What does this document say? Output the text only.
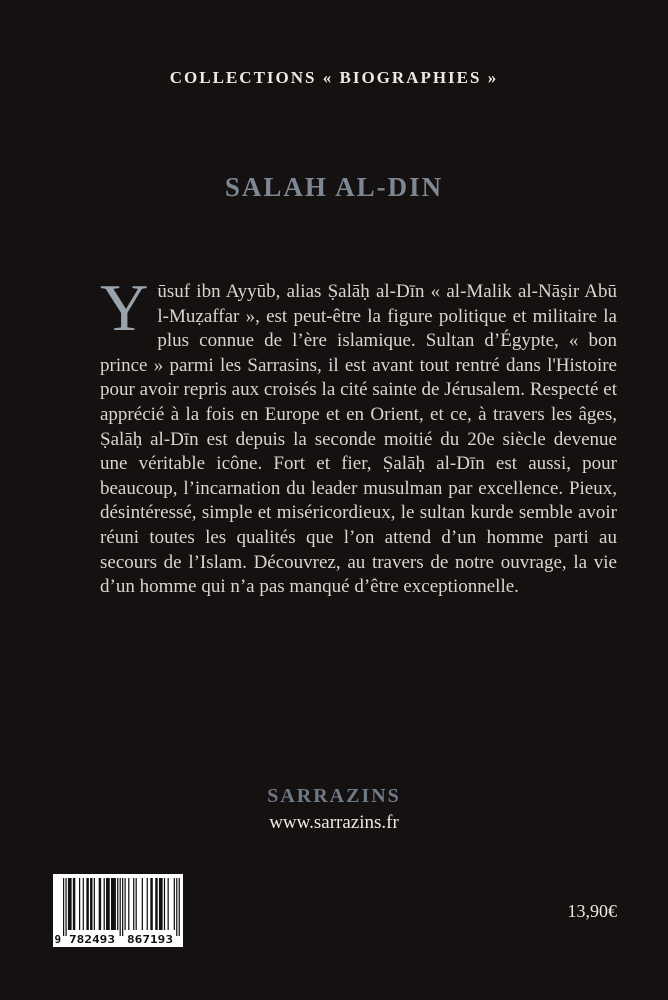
COLLECTIONS « BIOGRAPHIES »
SALAH AL-DIN

Yūsuf ibn Ayyūb, alias Ṣalāḥ al-Dīn « al-Malik al-Nāṣir Abū l-Muẓaffar », est peut-être la figure politique et militaire la plus connue de l’ère islamique. Sultan d’Égypte, « bon prince » parmi les Sarrasins, il est avant tout rentré dans l'Histoire pour avoir repris aux croisés la cité sainte de Jérusalem. Respecté et apprécié à la fois en Europe et en Orient, et ce, à travers les âges, Ṣalāḥ al-Dīn est depuis la seconde moitié du 20e siècle devenue une véritable icône. Fort et fier, Ṣalāḥ al-Dīn est aussi, pour beaucoup, l’incarnation du leader musulman par excellence. Pieux, désintéressé, simple et miséricordieux, le sultan kurde semble avoir réuni toutes les qualités que l’on attend d’un homme parti au secours de l’Islam. Découvrez, au travers de notre ouvrage, la vie d’un homme qui n’a pas manqué d’être exceptionnelle.

SARRAZINS
www.sarrazins.fr
9 782493 867193
13,90€
